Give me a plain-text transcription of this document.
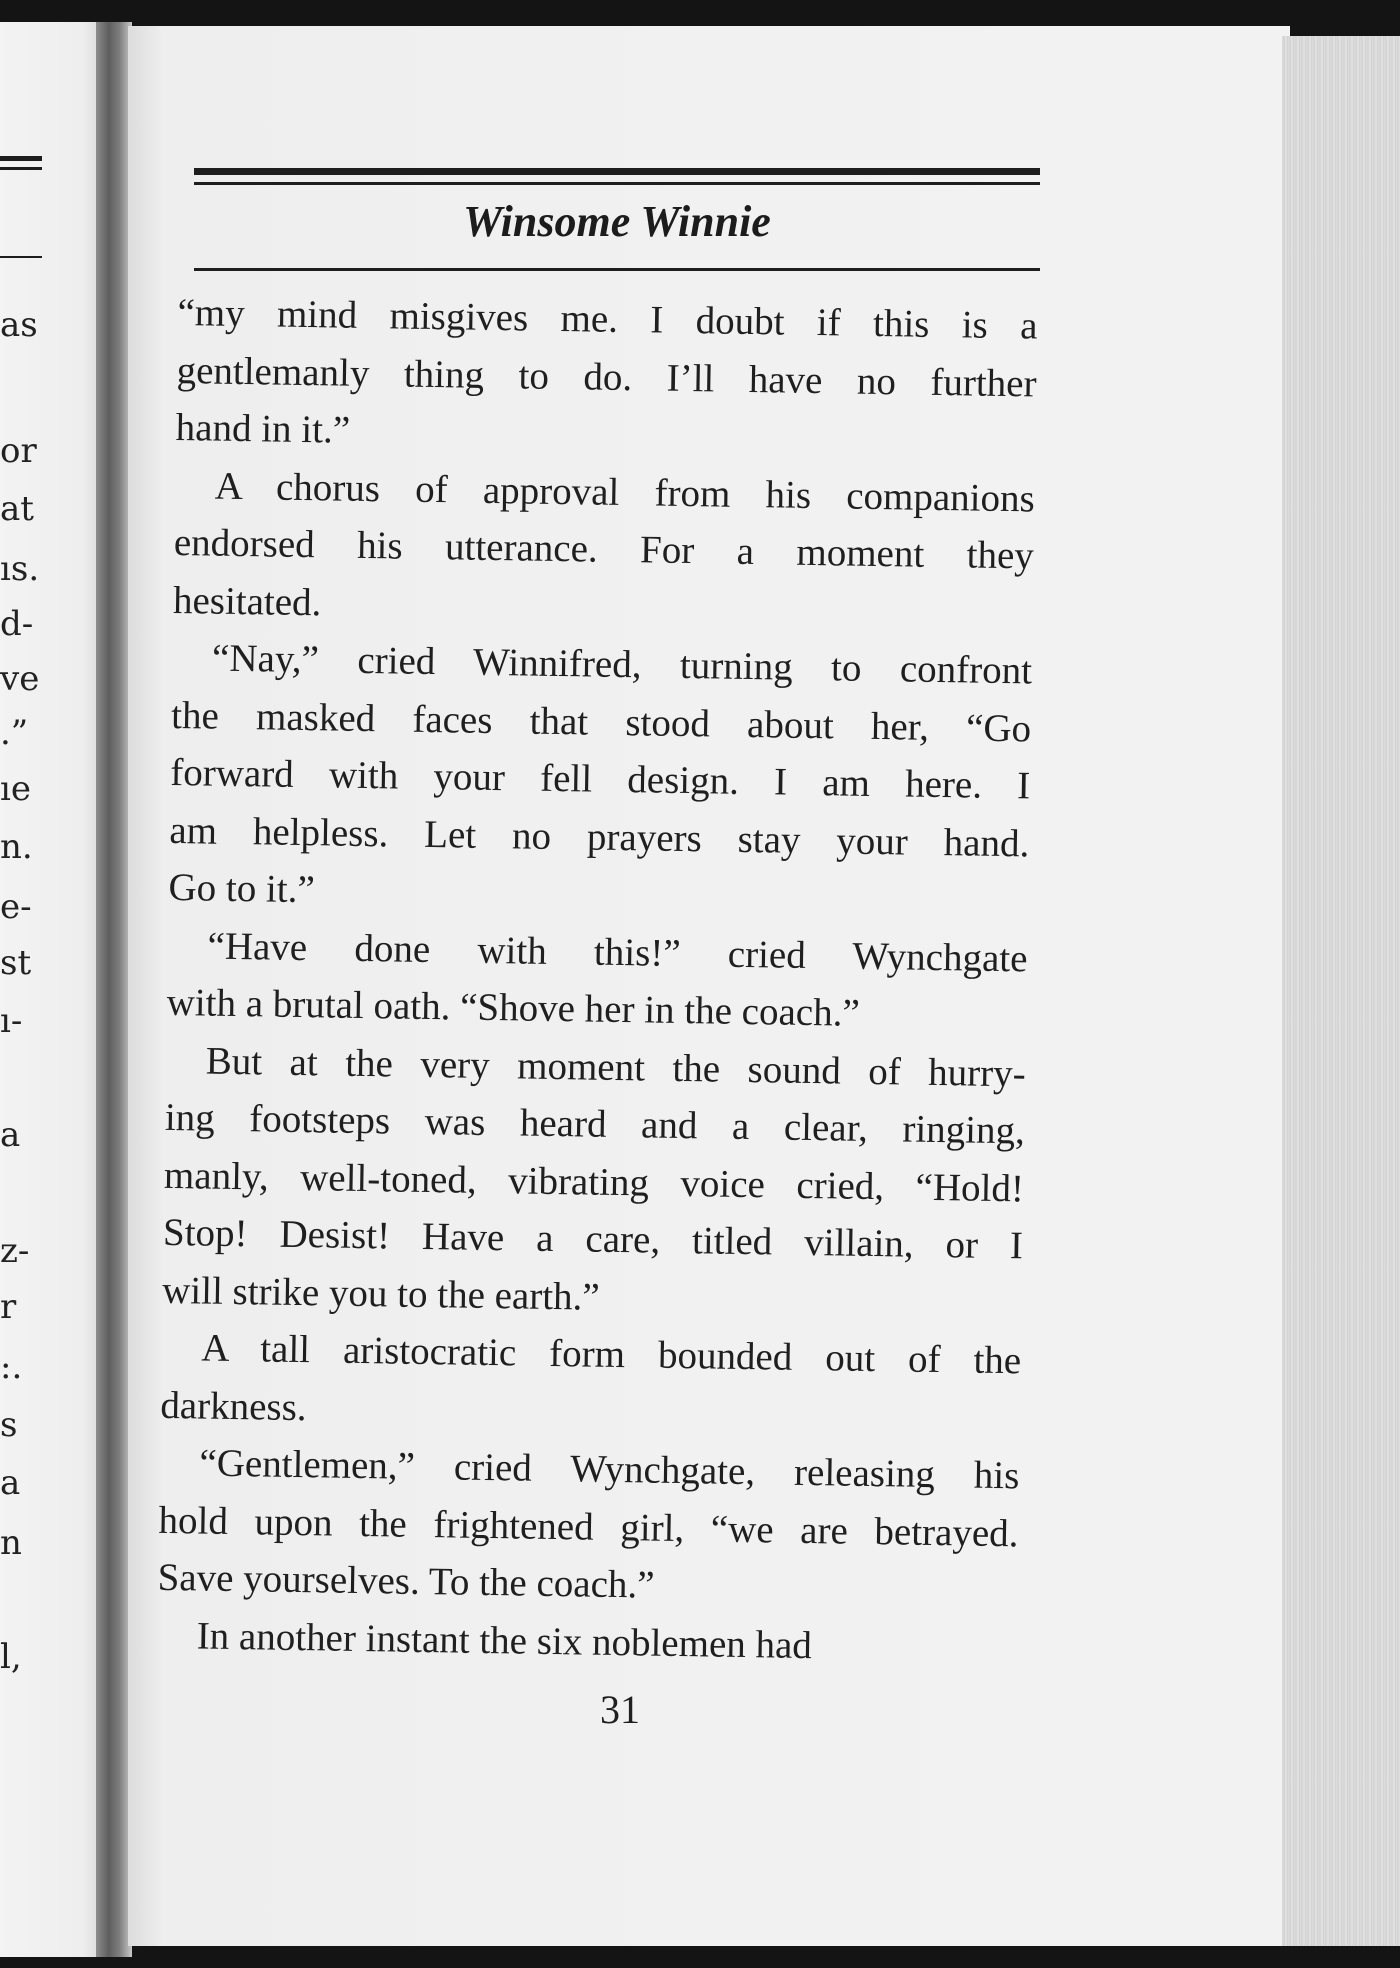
as
or
at
ıs.
d-
ve
.”
ıe
n.
e-
st
ı-
a
z-
r
:.
s
a
n
l,
Winsome Winnie
“my mind misgives me. I doubt if this is a
gentlemanly thing to do. I’ll have no further
hand in it.”
A chorus of approval from his companions
endorsed his utterance. For a moment they
hesitated.
“Nay,” cried Winnifred, turning to confront
the masked faces that stood about her, “Go
forward with your fell design. I am here. I
am helpless. Let no prayers stay your hand.
Go to it.”
“Have done with this!” cried Wynchgate
with a brutal oath. “Shove her in the coach.”
But at the very moment the sound of hurry-
ing footsteps was heard and a clear, ringing,
manly, well-toned, vibrating voice cried, “Hold!
Stop! Desist! Have a care, titled villain, or I
will strike you to the earth.”
A tall aristocratic form bounded out of the
darkness.
“Gentlemen,” cried Wynchgate, releasing his
hold upon the frightened girl, “we are betrayed.
Save yourselves. To the coach.”
In another instant the six noblemen had
31
